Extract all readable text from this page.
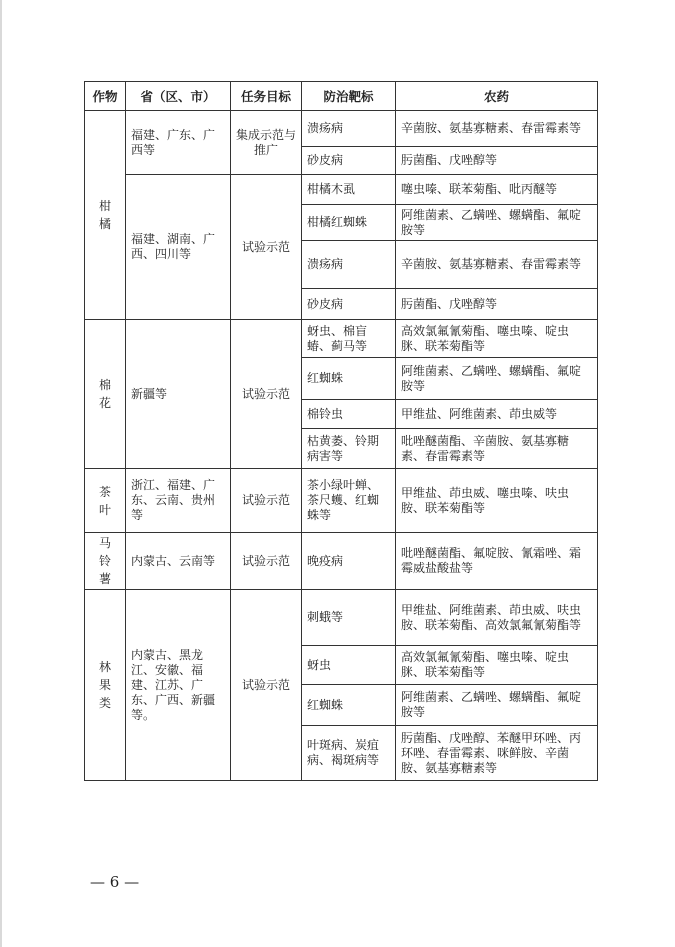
作物	省（区、市）	任务目标	防治靶标	农药

柑橘	福建、广东、广西等	集成示范与推广	溃疡病	辛菌胺、氨基寡糖素、春雷霉素等
			砂皮病	肟菌酯、戊唑醇等
	福建、湖南、广西、四川等	试验示范	柑橘木虱	噻虫嗪、联苯菊酯、吡丙醚等
			柑橘红蜘蛛	阿维菌素、乙螨唑、螺螨酯、氟啶胺等
			溃疡病	辛菌胺、氨基寡糖素、春雷霉素等
			砂皮病	肟菌酯、戊唑醇等

棉花	新疆等	试验示范	蚜虫、棉盲蝽、蓟马等	高效氯氟氰菊酯、噻虫嗪、啶虫脒、联苯菊酯等
			红蜘蛛	阿维菌素、乙螨唑、螺螨酯、氟啶胺等
			棉铃虫	甲维盐、阿维菌素、茚虫威等
			枯黄萎、铃期病害等	吡唑醚菌酯、辛菌胺、氨基寡糖素、春雷霉素等

茶叶	浙江、福建、广东、云南、贵州等	试验示范	茶小绿叶蝉、茶尺蠖、红蜘蛛等	甲维盐、茚虫威、噻虫嗪、呋虫胺、联苯菊酯等

马铃薯	内蒙古、云南等	试验示范	晚疫病	吡唑醚菌酯、氟啶胺、氰霜唑、霜霉威盐酸盐等

林果类	内蒙古、黑龙江、安徽、福建、江苏、广东、广西、新疆等。	试验示范	刺蛾等	甲维盐、阿维菌素、茚虫威、呋虫胺、联苯菊酯、高效氯氟氰菊酯等
			蚜虫	高效氯氟氰菊酯、噻虫嗪、啶虫脒、联苯菊酯等
			红蜘蛛	阿维菌素、乙螨唑、螺螨酯、氟啶胺等
			叶斑病、炭疽病、褐斑病等	肟菌酯、戊唑醇、苯醚甲环唑、丙环唑、春雷霉素、咪鲜胺、辛菌胺、氨基寡糖素等
— 6 —
